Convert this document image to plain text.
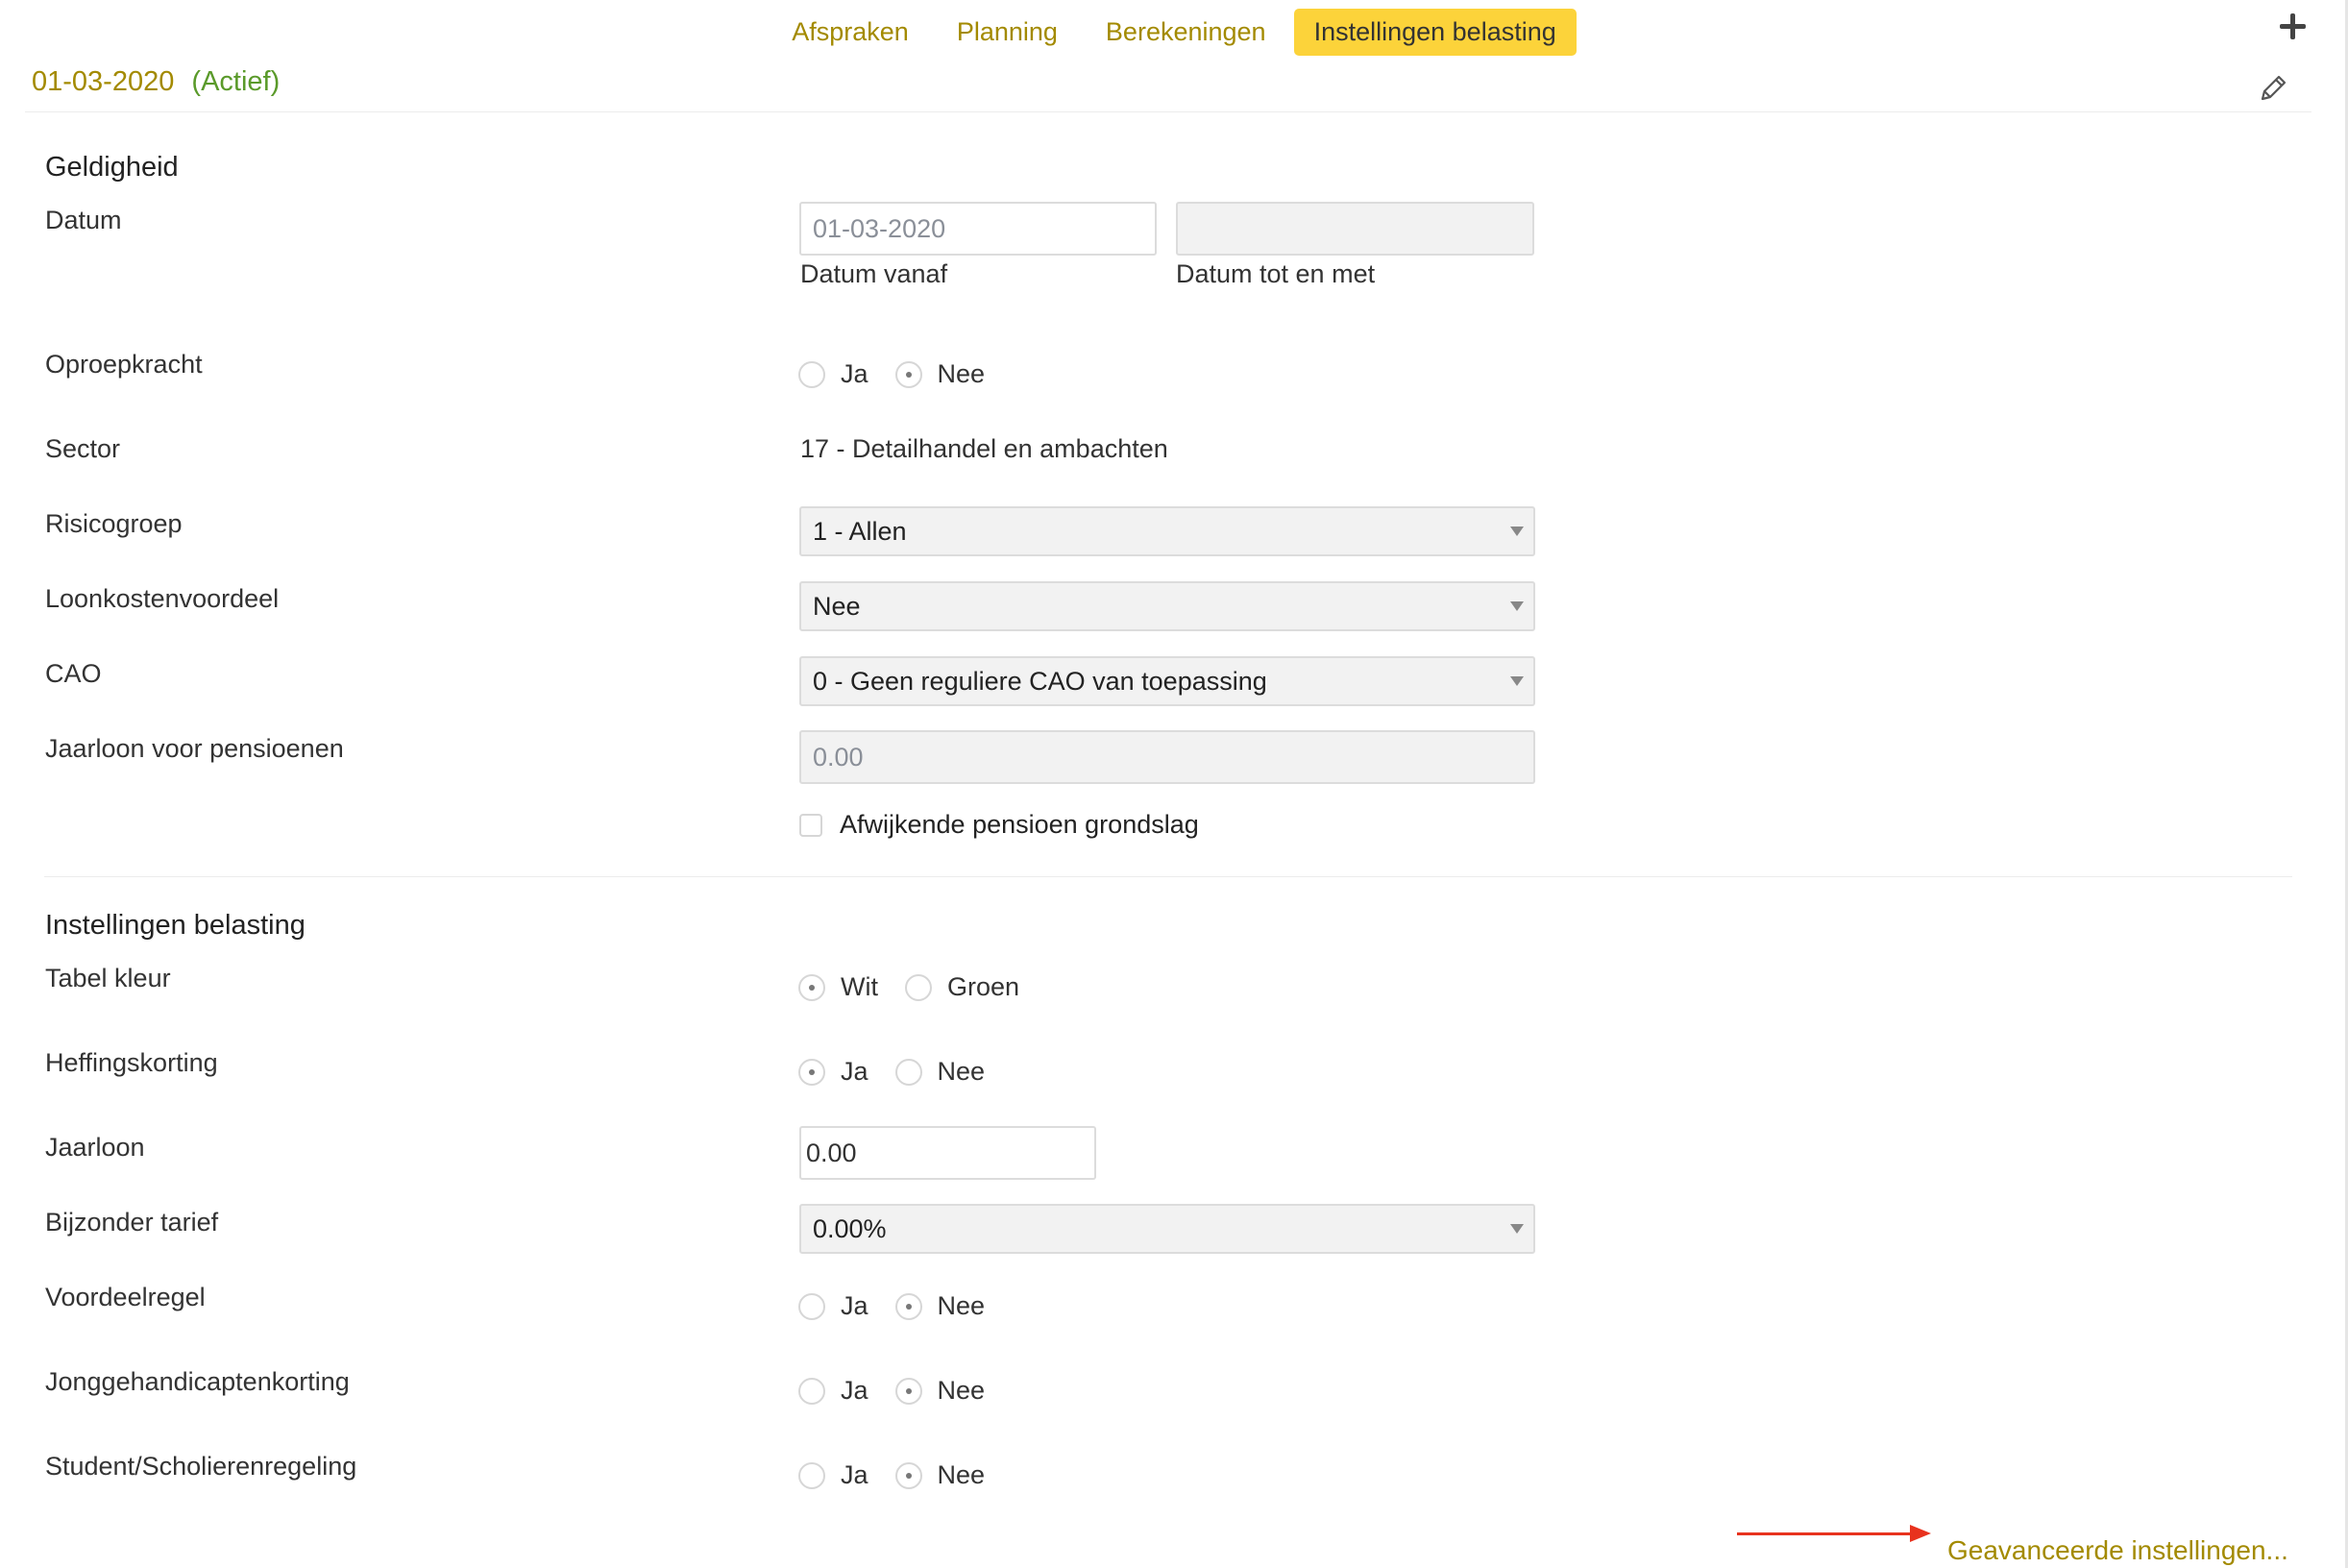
Afspraken	Planning	Berekeningen	Instellingen belasting
01-03-2020 (Actief)
Geldigheid
Datum	01-03-2020
Datum vanaf	Datum tot en met
Oproepkracht	Ja	Nee
Sector	17 - Detailhandel en ambachten
Risicogroep	1 - Allen
Loonkostenvoordeel	Nee
CAO	0 - Geen reguliere CAO van toepassing
Jaarloon voor pensioenen	0.00
Afwijkende pensioen grondslag
Instellingen belasting
Tabel kleur	Wit	Groen
Heffingskorting	Ja	Nee
Jaarloon	0.00
Bijzonder tarief	0.00%
Voordeelregel	Ja	Nee
Jonggehandicaptenkorting	Ja	Nee
Student/Scholierenregeling	Ja	Nee
Geavanceerde instellingen...
